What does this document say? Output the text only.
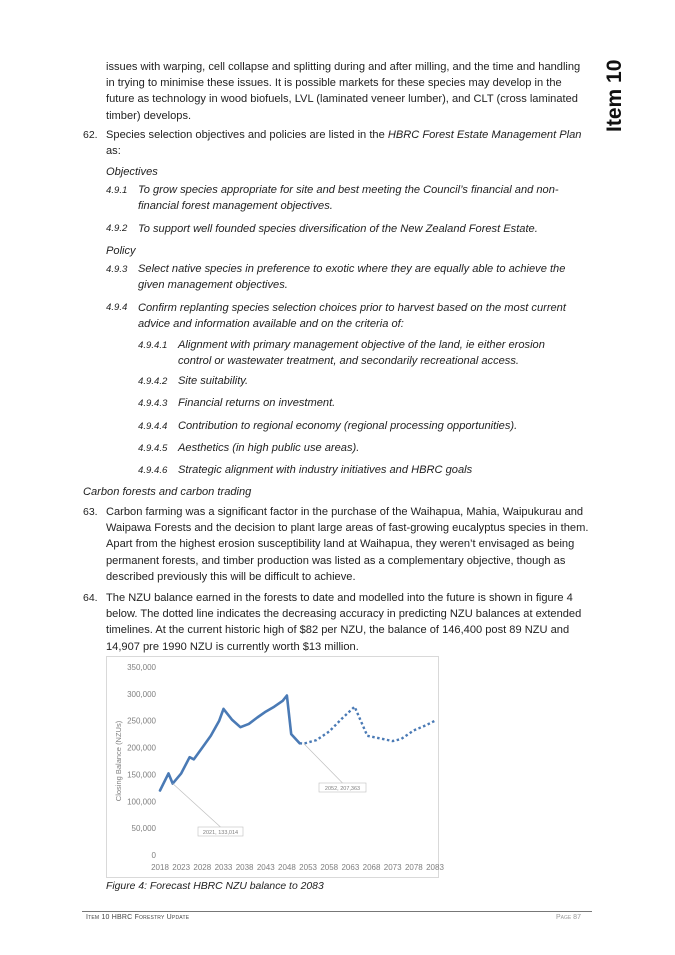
Item 10
issues with warping, cell collapse and splitting during and after milling, and the time and handling in trying to minimise these issues. It is possible markets for these species may develop in the future as technology in wood biofuels, LVL (laminated veneer lumber), and CLT (cross laminated timber) develops.
62. Species selection objectives and policies are listed in the HBRC Forest Estate Management Plan as:
Objectives
4.9.1 To grow species appropriate for site and best meeting the Council’s financial and non-financial forest management objectives.
4.9.2 To support well founded species diversification of the New Zealand Forest Estate.
Policy
4.9.3 Select native species in preference to exotic where they are equally able to achieve the given management objectives.
4.9.4 Confirm replanting species selection choices prior to harvest based on the most current advice and information available and on the criteria of:
4.9.4.1 Alignment with primary management objective of the land, ie either erosion control or wastewater treatment, and secondarily recreational access.
4.9.4.2 Site suitability.
4.9.4.3 Financial returns on investment.
4.9.4.4 Contribution to regional economy (regional processing opportunities).
4.9.4.5 Aesthetics (in high public use areas).
4.9.4.6 Strategic alignment with industry initiatives and HBRC goals
Carbon forests and carbon trading
63. Carbon farming was a significant factor in the purchase of the Waihapua, Mahia, Waipukurau and Waipawa Forests and the decision to plant large areas of fast-growing eucalyptus species in them. Apart from the highest erosion susceptibility land at Waihapua, they weren’t envisaged as being permanent forests, and timber production was listed as a complementary objective, though as described previously this will be difficult to achieve.
64. The NZU balance earned in the forests to date and modelled into the future is shown in figure 4 below. The dotted line indicates the decreasing accuracy in predicting NZU balances at extended timelines. At the current historic high of $82 per NZU, the balance of 146,400 post 89 NZU and 14,907 pre 1990 NZU is currently worth $13 million.
0
50,000
100,000
150,000
200,000
250,000
300,000
350,000
2018 2023 2028 2033 2038 2043 2048 2053 2058 2063 2068 2073 2078 2083
Closing Balance (NZUs)
2021, 133,014
2052, 207,363
Figure 4: Forecast HBRC NZU balance to 2083
Item 10 HBRC Forestry Update	Page 87
